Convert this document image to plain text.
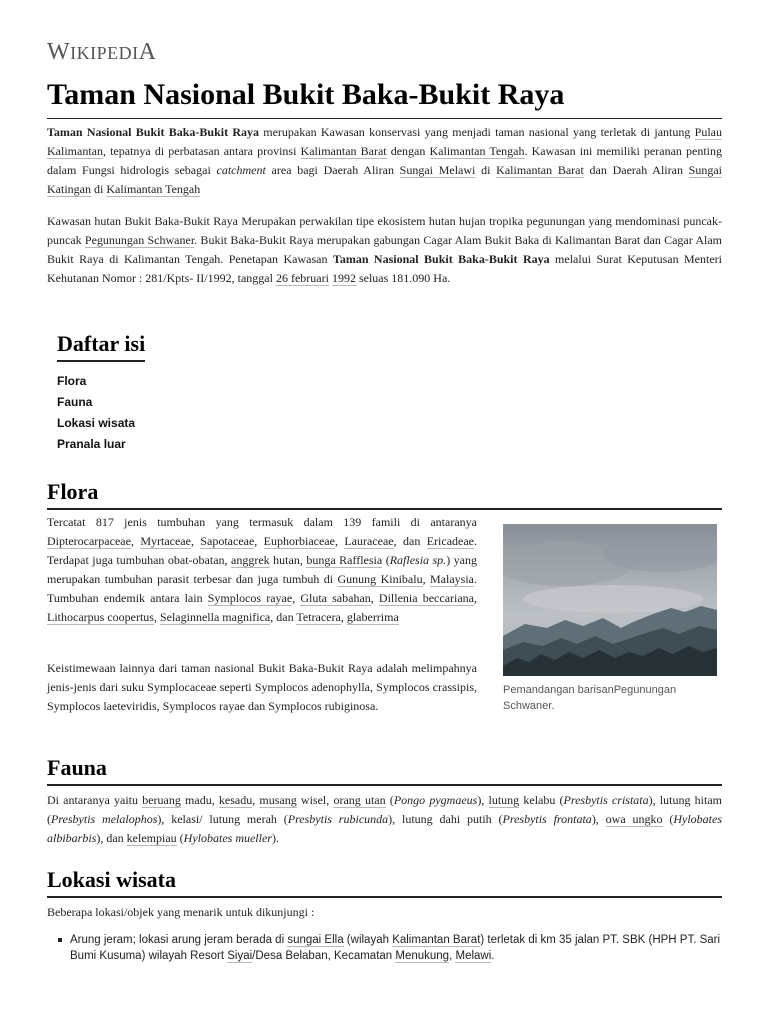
WIKIPEDIA
Taman Nasional Bukit Baka-Bukit Raya

Taman Nasional Bukit Baka-Bukit Raya merupakan Kawasan konservasi yang menjadi taman nasional yang terletak di jantung Pulau Kalimantan, tepatnya di perbatasan antara provinsi Kalimantan Barat dengan Kalimantan Tengah. Kawasan ini memiliki peranan penting dalam Fungsi hidrologis sebagai catchment area bagi Daerah Aliran Sungai Melawi di Kalimantan Barat dan Daerah Aliran Sungai Katingan di Kalimantan Tengah

Kawasan hutan Bukit Baka-Bukit Raya Merupakan perwakilan tipe ekosistem hutan hujan tropika pegunungan yang mendominasi puncak-puncak Pegunungan Schwaner. Bukit Baka-Bukit Raya merupakan gabungan Cagar Alam Bukit Baka di Kalimantan Barat dan Cagar Alam Bukit Raya di Kalimantan Tengah. Penetapan Kawasan Taman Nasional Bukit Baka-Bukit Raya melalui Surat Keputusan Menteri Kehutanan Nomor : 281/Kpts- II/1992, tanggal 26 februari 1992 seluas 181.090 Ha.

Daftar isi
Flora
Fauna
Lokasi wisata
Pranala luar
Flora

Tercatat 817 jenis tumbuhan yang termasuk dalam 139 famili di antaranya Dipterocarpaceae, Myrtaceae, Sapotaceae, Euphorbiaceae, Lauraceae, dan Ericadeae. Terdapat juga tumbuhan obat-obatan, anggrek hutan, bunga Rafflesia (Raflesia sp.) yang merupakan tumbuhan parasit terbesar dan juga tumbuh di Gunung Kinibalu, Malaysia. Tumbuhan endemik antara lain Symplocos rayae, Gluta sabahan, Dillenia beccariana, Lithocarpus coopertus, Selaginnella magnifica, dan Tetracera, glaberrima

Keistimewaan lainnya dari taman nasional Bukit Baka-Bukit Raya adalah melimpahnya jenis-jenis dari suku Symplocaceae seperti Symplocos adenophylla, Symplocos crassipis, Symplocos laeteviridis, Symplocos rayae dan Symplocos rubiginosa.

Pemandangan barisanPegunungan Schwaner.

Fauna

Di antaranya yaitu beruang madu, kesadu, musang wisel, orang utan (Pongo pygmaeus), lutung kelabu (Presbytis cristata), lutung hitam (Presbytis melalophos), kelasi/ lutung merah (Presbytis rubicunda), lutung dahi putih (Presbytis frontata), owa ungko (Hylobates albibarbis), dan kelempiau (Hylobates mueller).

Lokasi wisata

Beberapa lokasi/objek yang menarik untuk dikunjungi :

Arung jeram; lokasi arung jeram berada di sungai Ella (wilayah Kalimantan Barat) terletak di km 35 jalan PT. SBK (HPH PT. Sari Bumi Kusuma) wilayah Resort Siyai/Desa Belaban, Kecamatan Menukung, Melawi.
